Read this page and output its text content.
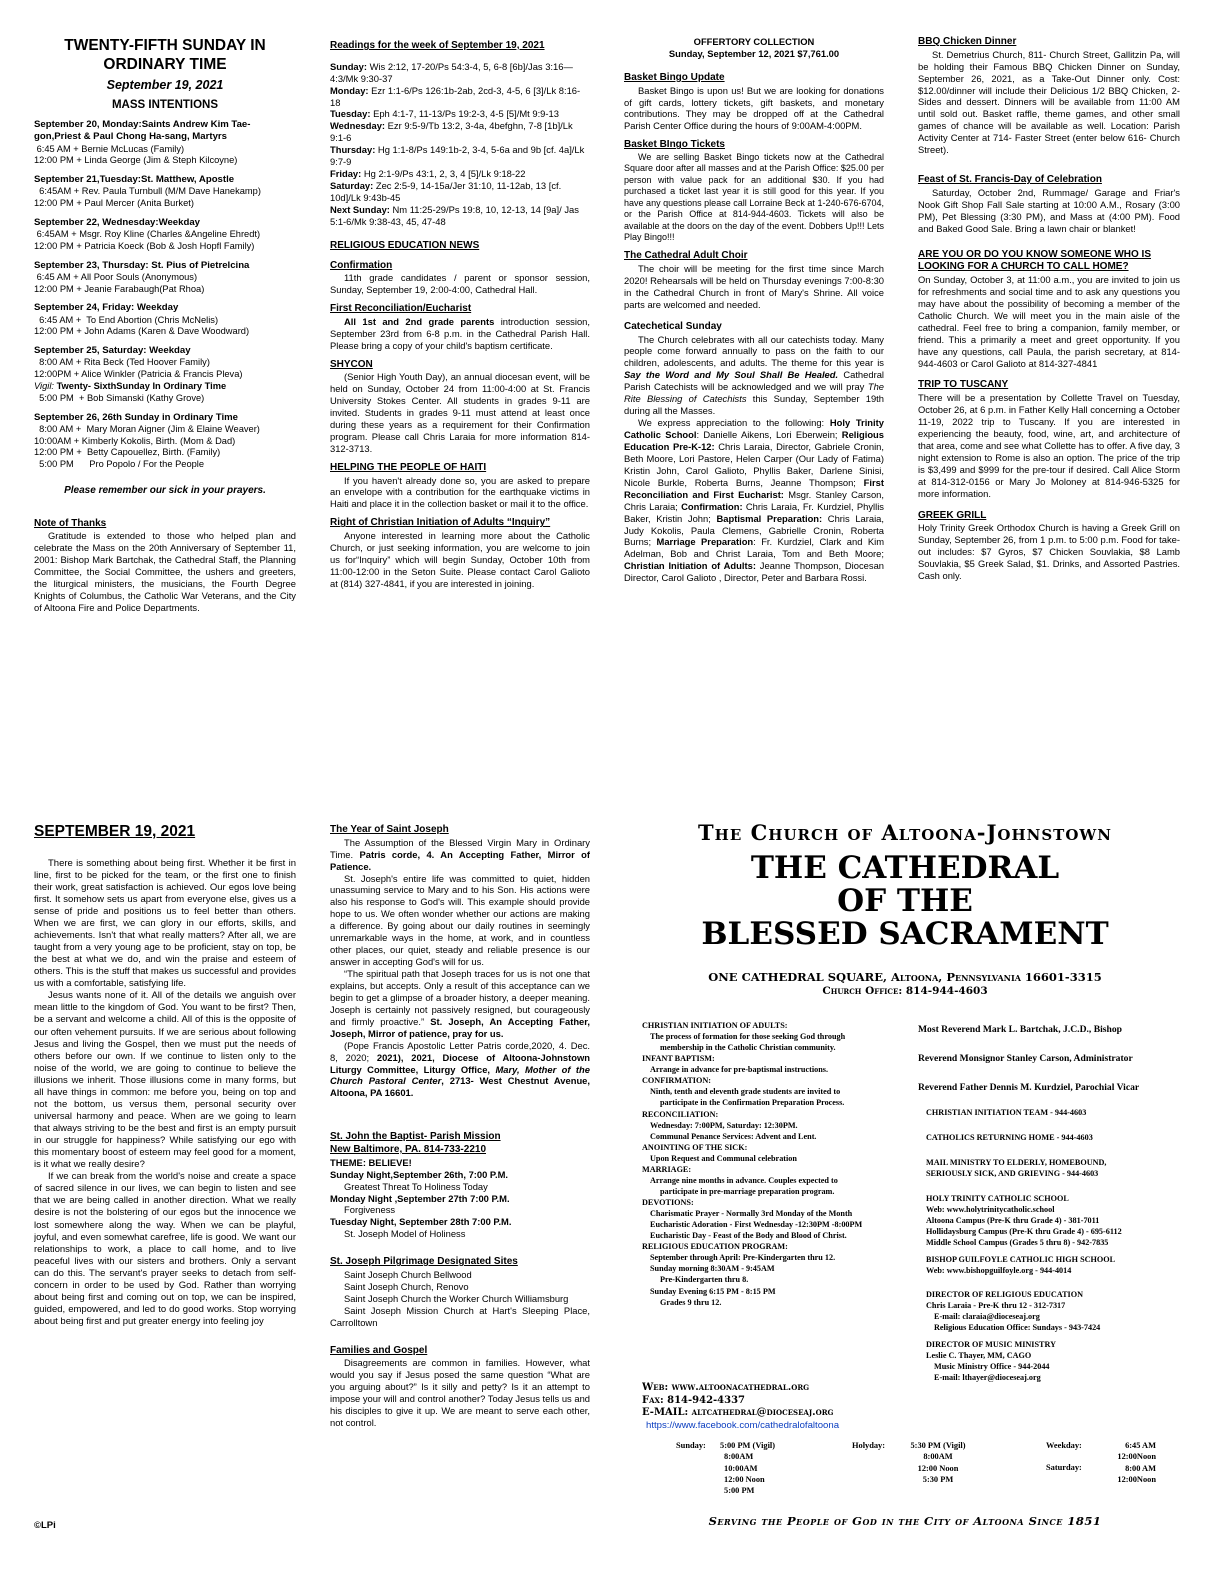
TWENTY-FIFTH SUNDAY IN
ORDINARY TIME
September 19, 2021
MASS INTENTIONS
September 20, Monday:Saints Andrew Kim Tae-gon,Priest & Paul Chong Ha-sang, Martyrs

6:45 AM + Bernie McLucas (Family)

12:00 PM + Linda George (Jim & Steph Kilcoyne)

September 21,Tuesday:St. Matthew, Apostle

6:45AM + Rev. Paula Turnbull (M/M Dave Hanekamp)

12:00 PM + Paul Mercer (Anita Burket)

September 22, Wednesday:Weekday

6:45AM + Msgr. Roy Kline (Charles &Angeline Ehredt)

12:00 PM + Patricia Koeck (Bob & Josh Hopfl Family)

September 23, Thursday: St. Pius of Pietrelcina

6:45 AM + All Poor Souls (Anonymous)

12:00 PM + Jeanie Farabaugh(Pat Rhoa)

September 24, Friday: Weekday

6:45 AM +  To End Abortion (Chris McNelis)

12:00 PM + John Adams (Karen & Dave Woodward)

September 25, Saturday: Weekday

8:00 AM + Rita Beck (Ted Hoover Family)

12:00PM + Alice Winkler (Patricia & Francis Pleva)

Vigil: Twenty- SixthSunday In Ordinary Time

5:00 PM  + Bob Simanski (Kathy Grove)

September 26, 26th Sunday in Ordinary Time

8:00 AM +  Mary Moran Aigner (Jim & Elaine Weaver)

10:00AM + Kimberly Kokolis, Birth. (Mom & Dad)

12:00 PM +  Betty Capouellez, Birth. (Family)

5:00 PM      Pro Popolo / For the People

Please remember our sick in your prayers.
Note of Thanks

Gratitude is extended to those who helped plan and celebrate the Mass on the 20th Anniversary of September 11, 2001: Bishop Mark Bartchak, the Cathedral Staff, the Planning Committee, the Social Committee, the ushers and greeters, the liturgical ministers, the musicians, the Fourth Degree Knights of Columbus, the Catholic War Veterans, and the City of Altoona Fire and Police Departments.

Readings for the week of September 19, 2021

Sunday: Wis 2:12, 17-20/Ps 54:3-4, 5, 6-8 [6b]/Jas 3:16—4:3/Mk 9:30-37

Monday: Ezr 1:1-6/Ps 126:1b-2ab, 2cd-3, 4-5, 6 [3]/Lk 8:16-18

Tuesday: Eph 4:1-7, 11-13/Ps 19:2-3, 4-5 [5]/Mt 9:9-13

Wednesday: Ezr 9:5-9/Tb 13:2, 3-4a, 4befghn, 7-8 [1b]/Lk 9:1-6

Thursday: Hg 1:1-8/Ps 149:1b-2, 3-4, 5-6a and 9b [cf. 4a]/Lk 9:7-9

Friday: Hg 2:1-9/Ps 43:1, 2, 3, 4 [5]/Lk 9:18-22

Saturday: Zec 2:5-9, 14-15a/Jer 31:10, 11-12ab, 13 [cf. 10d]/Lk 9:43b-45

Next Sunday: Nm 11:25-29/Ps 19:8, 10, 12-13, 14 [9a]/ Jas 5:1-6/Mk 9:38-43, 45, 47-48

RELIGIOUS EDUCATION NEWS
Confirmation

11th grade candidates / parent or sponsor session, Sunday, September 19, 2:00-4:00, Cathedral Hall.

First Reconciliation/Eucharist

All 1st and 2nd grade parents introduction session, September 23rd from 6-8 p.m. in the Cathedral Parish Hall. Please bring a copy of your child's baptism certificate.

SHYCON

(Senior High Youth Day), an annual diocesan event, will be held on Sunday, October 24 from 11:00-4:00 at St. Francis University Stokes Center. All students in grades 9-11 are invited. Students in grades 9-11 must attend at least once during these years as a requirement for their Confirmation program. Please call Chris Laraia for more information 814-312-3713.

HELPING THE PEOPLE OF HAITI

If you haven't already done so, you are asked to prepare an envelope with a contribution for the earthquake victims in Haiti and place it in the collection basket or mail it to the office.

Right of Christian Initiation of Adults “Inquiry”

Anyone interested in learning more about the Catholic Church, or just seeking information, you are welcome to join us for“Inquiry” which will begin Sunday, October 10th from 11:00-12:00 in the Seton Suite. Please contact Carol Galioto at (814) 327-4841, if you are interested in joining.

OFFERTORY COLLECTION
Sunday, September 12, 2021 $7,761.00
Basket Bingo Update

Basket Bingo is upon us! But we are looking for donations of gift cards, lottery tickets, gift baskets, and monetary contributions. They may be dropped off at the Cathedral Parish Center Office during the hours of 9:00AM-4:00PM.

Basket BIngo Tickets

We are selling Basket Bingo tickets now at the Cathedral Square door after all masses and at the Parish Office: $25.00 per person with value pack for an additional $30. If you had purchased a ticket last year it is still good for this year. If you have any questions please call Lorraine Beck at 1-240-676-6704, or the Parish Office at 814-944-4603. Tickets will also be available at the doors on the day of the event. Dobbers Up!!! Lets Play Bingo!!!

The Cathedral Adult Choir

The choir will be meeting for the first time since March 2020! Rehearsals will be held on Thursday evenings 7:00-8:30 in the Cathedral Church in front of Mary's Shrine. All voice parts are welcomed and needed.

Catechetical Sunday

The Church celebrates with all our catechists today. Many people come forward annually to pass on the faith to our children, adolescents, and adults. The theme for this year is Say the Word and My Soul Shall Be Healed. Cathedral Parish Catechists will be acknowledged and we will pray The Rite Blessing of Catechists this Sunday, September 19th during all the Masses.

We express appreciation to the following: Holy Trinity Catholic School: Danielle Aikens, Lori Eberwein; Religious Education Pre-K-12: Chris Laraia, Director, Gabriele Cronin, Beth Moore, Lori Pastore, Helen Carper (Our Lady of Fatima) Kristin John, Carol Galioto, Phyllis Baker, Darlene Sinisi, Nicole Burkle, Roberta Burns, Jeanne Thompson; First Reconciliation and First Eucharist: Msgr. Stanley Carson, Chris Laraia; Confirmation: Chris Laraia, Fr. Kurdziel, Phyllis Baker, Kristin John; Baptismal Preparation: Chris Laraia, Judy Kokolis, Paula Clemens, Gabrielle Cronin, Roberta Burns; Marriage Preparation: Fr. Kurdziel, Clark and Kim Adelman, Bob and Christ Laraia, Tom and Beth Moore; Christian Initiation of Adults: Jeanne Thompson, Diocesan Director, Carol Galioto , Director, Peter and Barbara Rossi.

BBQ Chicken Dinner

St. Demetrius Church, 811- Church Street, Gallitzin Pa, will be holding their Famous BBQ Chicken Dinner on Sunday, September 26, 2021, as a Take-Out Dinner only. Cost: $12.00/dinner will include their Delicious 1/2 BBQ Chicken, 2-Sides and dessert. Dinners will be available from 11:00 AM until sold out. Basket raffle, theme games, and other small games of chance will be available as well. Location: Parish Activity Center at 714- Faster Street (enter below 616- Church Street).

Feast of St. Francis-Day of Celebration

Saturday, October 2nd, Rummage/ Garage and Friar's Nook Gift Shop Fall Sale starting at 10:00 A.M., Rosary (3:00 PM), Pet Blessing (3:30 PM), and Mass at (4:00 PM). Food and Baked Good Sale. Bring a lawn chair or blanket!

ARE YOU OR DO YOU KNOW SOMEONE WHO IS LOOKING FOR A CHURCH TO CALL HOME?

On Sunday, October 3, at 11:00 a.m., you are invited to join us for refreshments and social time and to ask any questions you may have about the possibility of becoming a member of the Catholic Church. We will meet you in the main aisle of the cathedral. Feel free to bring a companion, family member, or friend. This a primarily a meet and greet opportunity. If you have any questions, call Paula, the parish secretary, at 814-944-4603 or Carol Galioto at 814-327-4841

TRIP TO TUSCANY

There will be a presentation by Collette Travel on Tuesday, October 26, at 6 p.m. in Father Kelly Hall concerning a October 11-19, 2022 trip to Tuscany. If you are interested in experiencing the beauty, food, wine, art, and architecture of that area, come and see what Collette has to offer. A five day, 3 night extension to Rome is also an option. The price of the trip is $3,499 and $999 for the pre-tour if desired. Call Alice Storm at 814-312-0156 or Mary Jo Moloney at 814-946-5325 for more information.

GREEK GRILL

Holy Trinity Greek Orthodox Church is having a Greek Grill on Sunday, September 26, from 1 p.m. to 5:00 p.m. Food for take-out includes: $7 Gyros, $7 Chicken Souvlakia, $8 Lamb Souvlakia, $5 Greek Salad, $1. Drinks, and Assorted Pastries. Cash only.

SEPTEMBER 19, 2021

There is something about being first. Whether it be first in line, first to be picked for the team, or the first one to finish their work, great satisfaction is achieved. Our egos love being first. It somehow sets us apart from everyone else, gives us a sense of pride and positions us to feel better than others. When we are first, we can glory in our efforts, skills, and achievements. Isn't that what really matters? After all, we are taught from a very young age to be proficient, stay on top, be the best at what we do, and win the praise and esteem of others. This is the stuff that makes us successful and provides us with a comfortable, satisfying life.

Jesus wants none of it. All of the details we anguish over mean little to the kingdom of God. You want to be first? Then, be a servant and welcome a child. All of this is the opposite of our often vehement pursuits. If we are serious about following Jesus and living the Gospel, then we must put the needs of others before our own. If we continue to listen only to the noise of the world, we are going to continue to believe the illusions we inherit. Those illusions come in many forms, but all have things in common: me before you, being on top and not the bottom, us versus them, personal security over universal harmony and peace. When are we going to learn that always striving to be the best and first is an empty pursuit in our struggle for happiness? While satisfying our ego with this momentary boost of esteem may feel good for a moment, is it what we really desire?

If we can break from the world's noise and create a space of sacred silence in our lives, we can begin to listen and see that we are being called in another direction. What we really desire is not the bolstering of our egos but the innocence we lost somewhere along the way. When we can be playful, joyful, and even somewhat carefree, life is good. We want our relationships to work, a place to call home, and to live peaceful lives with our sisters and brothers. Only a servant can do this. The servant's prayer seeks to detach from self-concern in order to be used by God. Rather than worrying about being first and coming out on top, we can be inspired, guided, empowered, and led to do good works. Stop worrying about being first and put greater energy into feeling joy

©LPi
The Year of Saint Joseph

The Assumption of the Blessed Virgin Mary in Ordinary Time. Patris corde, 4. An Accepting Father, Mirror of Patience.

St. Joseph's entire life was committed to quiet, hidden unassuming service to Mary and to his Son. His actions were also his response to God's will. This example should provide hope to us. We often wonder whether our actions are making a difference. By going about our daily routines in seemingly unremarkable ways in the home, at work, and in countless other places, our quiet, steady and reliable presence is our answer in accepting God's will for us.

“The spiritual path that Joseph traces for us is not one that explains, but accepts. Only a result of this acceptance can we begin to get a glimpse of a broader history, a deeper meaning. Joseph is certainly not passively resigned, but courageously and firmly proactive.” St. Joseph, An Accepting Father, Joseph, Mirror of patience, pray for us.

(Pope Francis Apostolic Letter Patris corde,2020, 4. Dec. 8, 2020; 2021), 2021, Diocese of Altoona-Johnstown Liturgy Committee, Liturgy Office, Mary, Mother of the Church Pastoral Center, 2713- West Chestnut Avenue, Altoona, PA 16601.

St. John the Baptist- Parish Mission
New Baltimore, PA. 814-733-2210
THEME: BELIEVE!
Sunday Night,September 26th, 7:00 P.M.
Greatest Threat To Holiness Today
Monday Night ,September 27th 7:00 P.M.
Forgiveness
Tuesday Night, September 28th 7:00 P.M.
St. Joseph Model of Holiness
St. Joseph Pilgrimage Designated Sites

Saint Joseph Church Bellwood

Saint Joseph Church, Renovo

Saint Joseph Church the Worker Church Williamsburg

Saint Joseph Mission Church at Hart's Sleeping Place, Carrolltown

Families and Gospel

Disagreements are common in families. However, what would you say if Jesus posed the same question “What are you arguing about?” Is it silly and petty? Is it an attempt to impose your will and control another? Today Jesus tells us and his disciples to give it up. We are meant to serve each other, not control.

The Church of Altoona-Johnstown
THE CATHEDRAL
OF THE
BLESSED SACRAMENT
ONE CATHEDRAL SQUARE, Altoona, Pennsylvania 16601-3315
Church Office: 814-944-4603

CHRISTIAN INITIATION OF ADULTS:

The process of formation for those seeking God through

membership in the Catholic Christian community.

INFANT BAPTISM:

Arrange in advance for pre-baptismal instructions.

CONFIRMATION:

Ninth, tenth and eleventh grade students are invited to

participate in the Confirmation Preparation Process.

RECONCILIATION:

Wednesday: 7:00PM, Saturday: 12:30PM.

Communal Penance Services: Advent and Lent.

ANOINTING OF THE SICK:

Upon Request and Communal celebration

MARRIAGE:

Arrange nine months in advance. Couples expected to

participate in pre-marriage preparation program.

DEVOTIONS:

Charismatic Prayer - Normally 3rd Monday of the Month

Eucharistic Adoration - First Wednesday -12:30PM -8:00PM

Eucharistic Day - Feast of the Body and Blood of Christ.

RELIGIOUS EDUCATION PROGRAM:

September through April: Pre-Kindergarten thru 12.

Sunday morning 8:30AM - 9:45AM

Pre-Kindergarten thru 8.

Sunday Evening 6:15 PM - 8:15 PM

Grades 9 thru 12.

Most Reverend Mark L. Bartchak, J.C.D., Bishop

Reverend Monsignor Stanley Carson, Administrator

Reverend Father Dennis M. Kurdziel, Parochial Vicar

CHRISTIAN INITIATION TEAM - 944-4603

CATHOLICS RETURNING HOME - 944-4603

MAIL MINISTRY TO ELDERLY, HOMEBOUND,

SERIOUSLY SICK, AND GRIEVING - 944-4603

HOLY TRINITY CATHOLIC SCHOOL

Web: www.holytrinitycatholic.school

Altoona Campus (Pre-K thru Grade 4) - 381-7011

Hollidaysburg Campus (Pre-K thru Grade 4) - 695-6112

Middle School Campus (Grades 5 thru 8) - 942-7835

BISHOP GUILFOYLE CATHOLIC HIGH SCHOOL

Web: www.bishopguilfoyle.org - 944-4014

DIRECTOR OF RELIGIOUS EDUCATION

Chris Laraia - Pre-K thru 12 - 312-7317

E-mail: claraia@dioceseaj.org

Religious Education Office: Sundays - 943-7424

DIRECTOR OF MUSIC MINISTRY

Leslie C. Thayer, MM, CAGO

Music Ministry Office - 944-2044

E-mail: lthayer@dioceseaj.org

Web: www.altoonacathedral.org
Fax: 814-942-4337
E-MAIL: altcathedral@dioceseaj.org
https://www.facebook.com/cathedralofaltoona
Sunday: 5:00 PM (Vigil)

8:00AM

10:00AM

12:00 Noon

5:00 PM

Holyday:	5:30 PM (Vigil)

8:00AM

12:00 Noon

5:30 PM

Weekday:
Saturday:

6:45 AM

12:00Noon

8:00 AM

12:00Noon

Serving the People of God in the City of Altoona Since 1851
